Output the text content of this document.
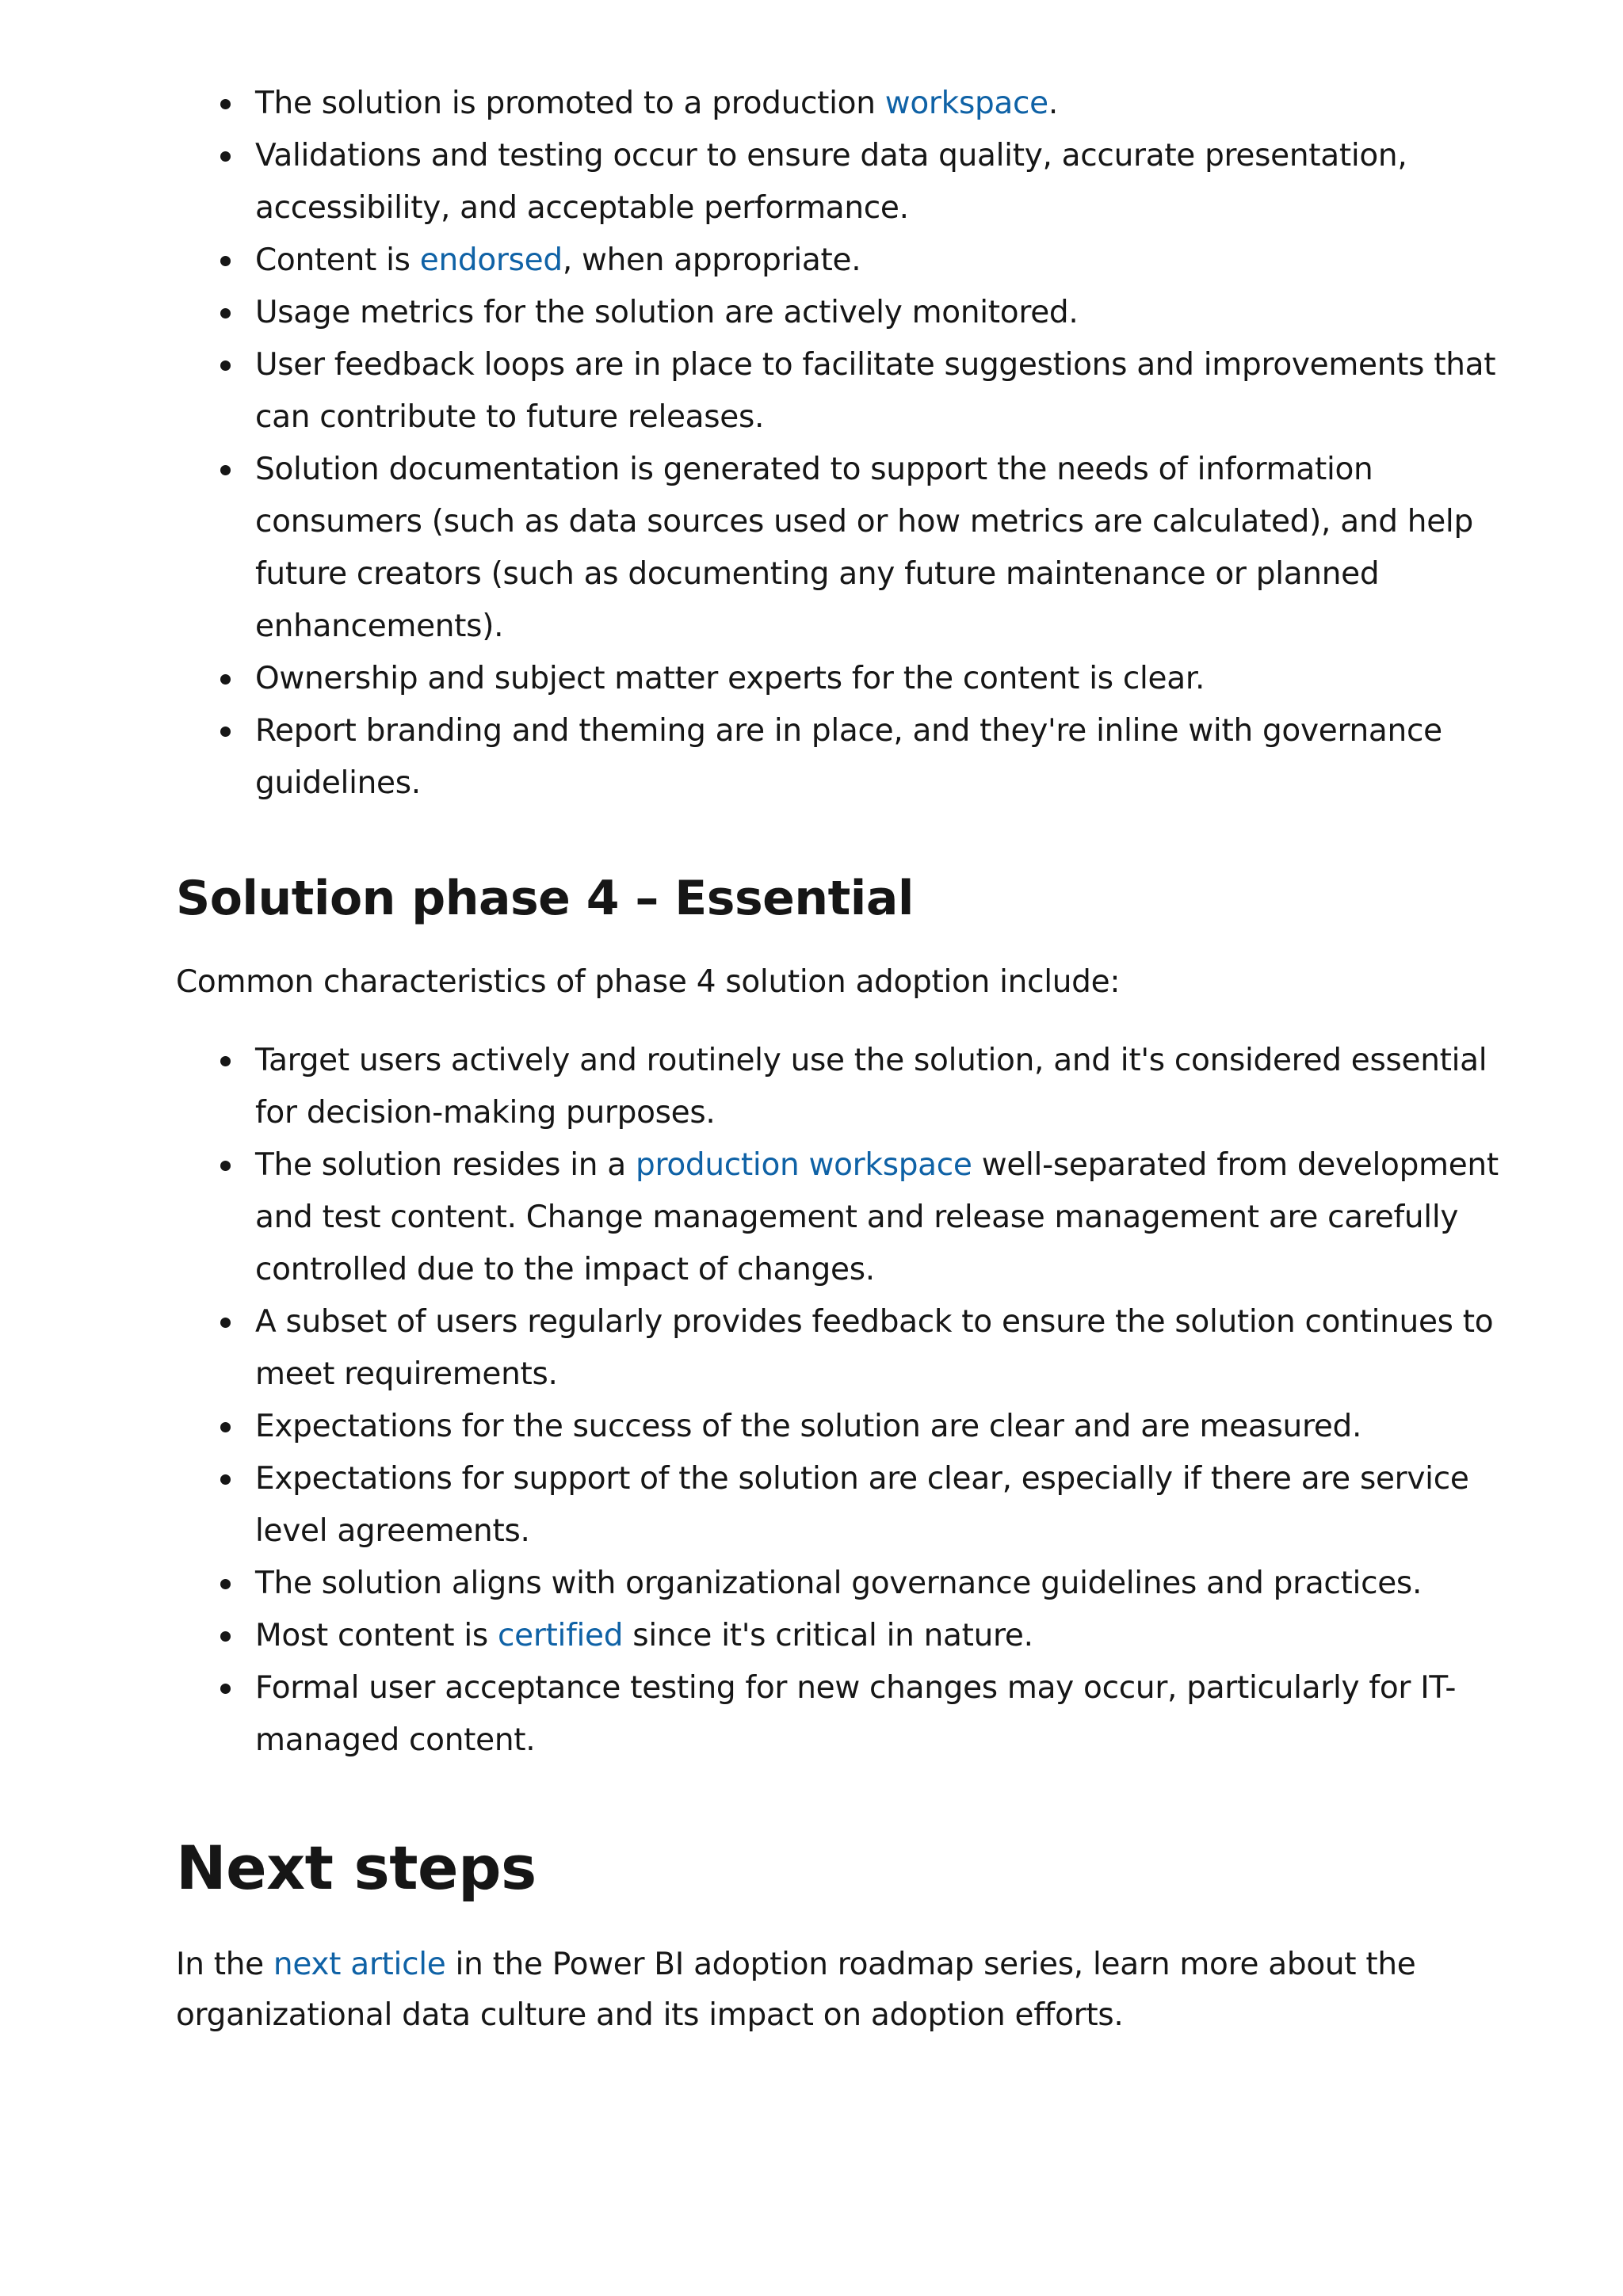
The solution is promoted to a production workspace.
Validations and testing occur to ensure data quality, accurate presentation, accessibility, and acceptable performance.
Content is endorsed, when appropriate.
Usage metrics for the solution are actively monitored.
User feedback loops are in place to facilitate suggestions and improvements that can contribute to future releases.
Solution documentation is generated to support the needs of information consumers (such as data sources used or how metrics are calculated), and help future creators (such as documenting any future maintenance or planned enhancements).
Ownership and subject matter experts for the content is clear.
Report branding and theming are in place, and they're inline with governance guidelines.
Solution phase 4 – Essential

Common characteristics of phase 4 solution adoption include:

Target users actively and routinely use the solution, and it's considered essential for decision-making purposes.
The solution resides in a production workspace well-separated from development and test content. Change management and release management are carefully controlled due to the impact of changes.
A subset of users regularly provides feedback to ensure the solution continues to meet requirements.
Expectations for the success of the solution are clear and are measured.
Expectations for support of the solution are clear, especially if there are service level agreements.
The solution aligns with organizational governance guidelines and practices.
Most content is certified since it's critical in nature.
Formal user acceptance testing for new changes may occur, particularly for IT-managed content.
Next steps

In the next article in the Power BI adoption roadmap series, learn more about the organizational data culture and its impact on adoption efforts.
